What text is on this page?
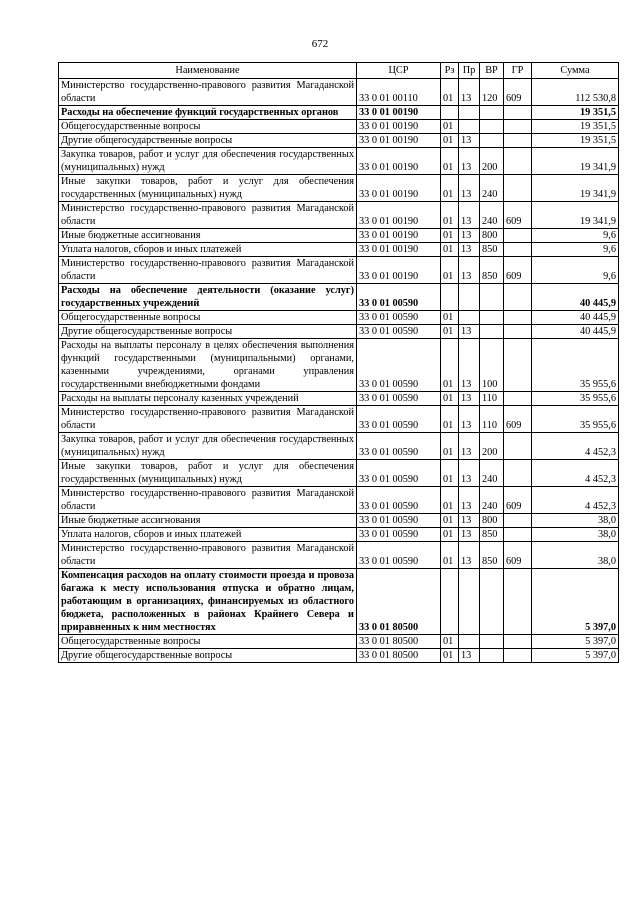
672
Наименование	ЦСР	Рз	Пр	ВР	ГР	Сумма
Министерство государственно-правового развития Магаданской области	33 0 01 00110	01	13	120	609	112 530,8
Расходы на обеспечение функций государственных органов	33 0 01 00190					19 351,5
Общегосударственные вопросы	33 0 01 00190	01				19 351,5
Другие общегосударственные вопросы	33 0 01 00190	01	13			19 351,5
Закупка товаров, работ и услуг для обеспечения государственных (муниципальных) нужд	33 0 01 00190	01	13	200		19 341,9
Иные закупки товаров, работ и услуг для обеспечения государственных (муниципальных) нужд	33 0 01 00190	01	13	240		19 341,9
Министерство государственно-правового развития Магаданской области	33 0 01 00190	01	13	240	609	19 341,9
Иные бюджетные ассигнования	33 0 01 00190	01	13	800		9,6
Уплата налогов, сборов и иных платежей	33 0 01 00190	01	13	850		9,6
Министерство государственно-правового развития Магаданской области	33 0 01 00190	01	13	850	609	9,6
Расходы на обеспечение деятельности (оказание услуг) государственных учреждений	33 0 01 00590					40 445,9
Общегосударственные вопросы	33 0 01 00590	01				40 445,9
Другие общегосударственные вопросы	33 0 01 00590	01	13			40 445,9
Расходы на выплаты персоналу в целях обеспечения выполнения функций государственными (муниципальными) органами, казенными учреждениями, органами управления государственными внебюджетными фондами	33 0 01 00590	01	13	100		35 955,6
Расходы на выплаты персоналу казенных учреждений	33 0 01 00590	01	13	110		35 955,6
Министерство государственно-правового развития Магаданской области	33 0 01 00590	01	13	110	609	35 955,6
Закупка товаров, работ и услуг для обеспечения государственных (муниципальных) нужд	33 0 01 00590	01	13	200		4 452,3
Иные закупки товаров, работ и услуг для обеспечения государственных (муниципальных) нужд	33 0 01 00590	01	13	240		4 452,3
Министерство государственно-правового развития Магаданской области	33 0 01 00590	01	13	240	609	4 452,3
Иные бюджетные ассигнования	33 0 01 00590	01	13	800		38,0
Уплата налогов, сборов и иных платежей	33 0 01 00590	01	13	850		38,0
Министерство государственно-правового развития Магаданской области	33 0 01 00590	01	13	850	609	38,0
Компенсация расходов на оплату стоимости проезда и провоза багажа к месту использования отпуска и обратно лицам, работающим в организациях, финансируемых из областного бюджета, расположенных в районах Крайнего Севера и приравненных к ним местностях	33 0 01 80500					5 397,0
Общегосударственные вопросы	33 0 01 80500	01				5 397,0
Другие общегосударственные вопросы	33 0 01 80500	01	13			5 397,0
